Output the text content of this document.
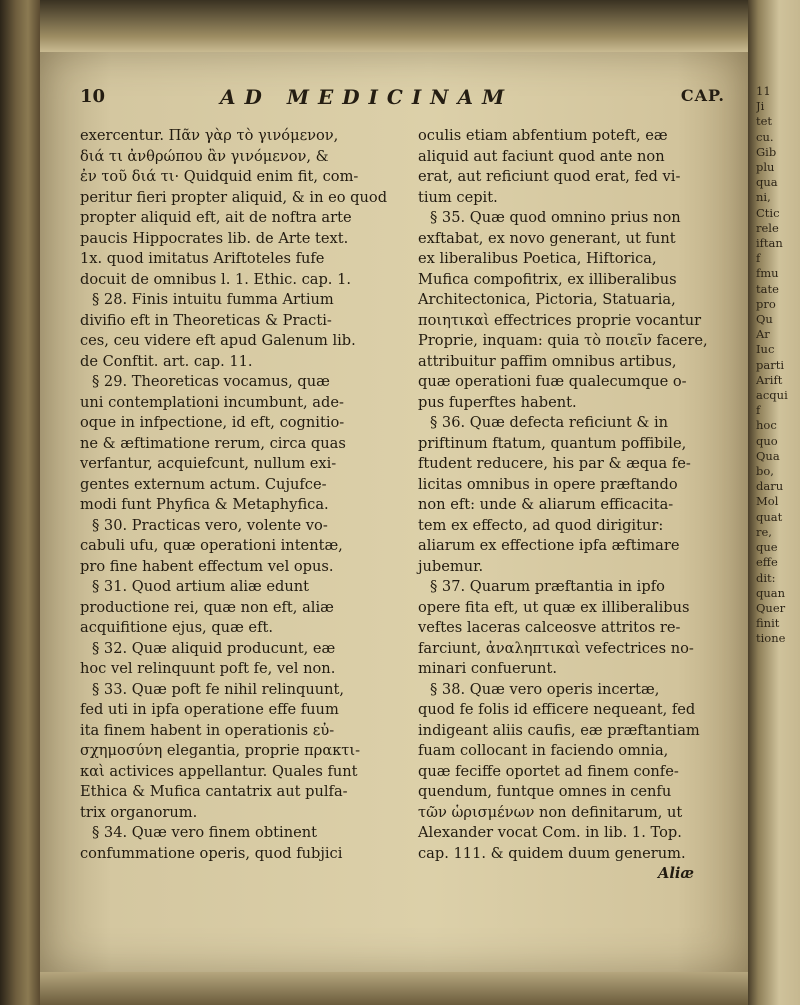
10	AD MEDICINAM	CAP.
exercentur. Πᾶν γὰρ τὸ γινόμενον,
διά τι ἀνθρώπου ἂν γινόμενον, &
ἐν τοῦ διά τι· Quidquid enim fit, com-
peritur fieri propter aliquid, & in eo quod
propter aliquid eft, ait de noftra arte
paucis Hippocrates lib. de Arte text.
1x. quod imitatus Ariftoteles fufe
docuit de omnibus l. 1. Ethic. cap. 1.
§ 28. Finis intuitu fumma Artium
divifio eft in Theoreticas & Practi-
ces, ceu videre eft apud Galenum lib.
de Conftit. art. cap. 11.
§ 29. Theoreticas vocamus, quæ
uni contemplationi incumbunt, ade-
oque in infpectione, id eft, cognitio-
ne & æftimatione rerum, circa quas
verfantur, acquiefcunt, nullum exi-
gentes externum actum. Cujufce-
modi funt Phyfica & Metaphyfica.
§ 30. Practicas vero, volente vo-
cabuli ufu, quæ operationi intentæ,
pro fine habent effectum vel opus.
§ 31. Quod artium aliæ edunt
productione rei, quæ non eft, aliæ
acquifitione ejus, quæ eft.
§ 32. Quæ aliquid producunt, eæ
hoc vel relinquunt poft fe, vel non.
§ 33. Quæ poft fe nihil relinquunt,
fed uti in ipfa operatione effe fuum
ita finem habent in operationis εὐ-
σχημοσύνη elegantia, proprie πρακτι-
καὶ activices appellantur. Quales funt
Ethica & Mufica cantatrix aut pulfa-
trix organorum.
§ 34. Quæ vero finem obtinent
confummatione operis, quod fubjici
oculis etiam abfentium poteft, eæ
aliquid aut faciunt quod ante non
erat, aut reficiunt quod erat, fed vi-
tium cepit.
§ 35. Quæ quod omnino prius non
exftabat, ex novo generant, ut funt
ex liberalibus Poetica, Hiftorica,
Mufica compofitrix, ex illiberalibus
Architectonica, Pictoria, Statuaria,
ποιητικαὶ effectrices proprie vocantur
Proprie, inquam: quia τὸ ποιεῖν facere,
attribuitur paffim omnibus artibus,
quæ operationi fuæ qualecumque o-
pus fuperftes habent.
§ 36. Quæ defecta reficiunt & in
priftinum ftatum, quantum poffibile,
ftudent reducere, his par & æqua fe-
licitas omnibus in opere præftando
non eft: unde & aliarum efficacita-
tem ex effecto, ad quod dirigitur:
aliarum ex effectione ipfa æftimare
jubemur.
§ 37. Quarum præftantia in ipfo
opere fita eft, ut quæ ex illiberalibus
veftes laceras calceosve attritos re-
farciunt, ἀναληπτικαὶ vefectrices no-
minari confuerunt.
§ 38. Quæ vero operis incertæ,
quod fe folis id efficere nequeant, fed
indigeant aliis caufis, eæ præftantiam
fuam collocant in faciendo omnia,
quæ feciffe oportet ad finem confe-
quendum, funtque omnes in cenfu
τῶν ὡρισμένων non definitarum, ut
Alexander vocat Com. in lib. 1. Top.
cap. 111. & quidem duum generum.
Aliæ
11
Ji
tet
cu.
Gib
plu
qua
ni,
Ctic
rele
iftan
f
fmu
tate
pro
Qu
Ar
Iuc
parti
Arift
acqui
f
hoc
quo
Qua
bo,
daru
Mol
quat
re,
que
effe
dit:
quan
Quer
finit
tione
